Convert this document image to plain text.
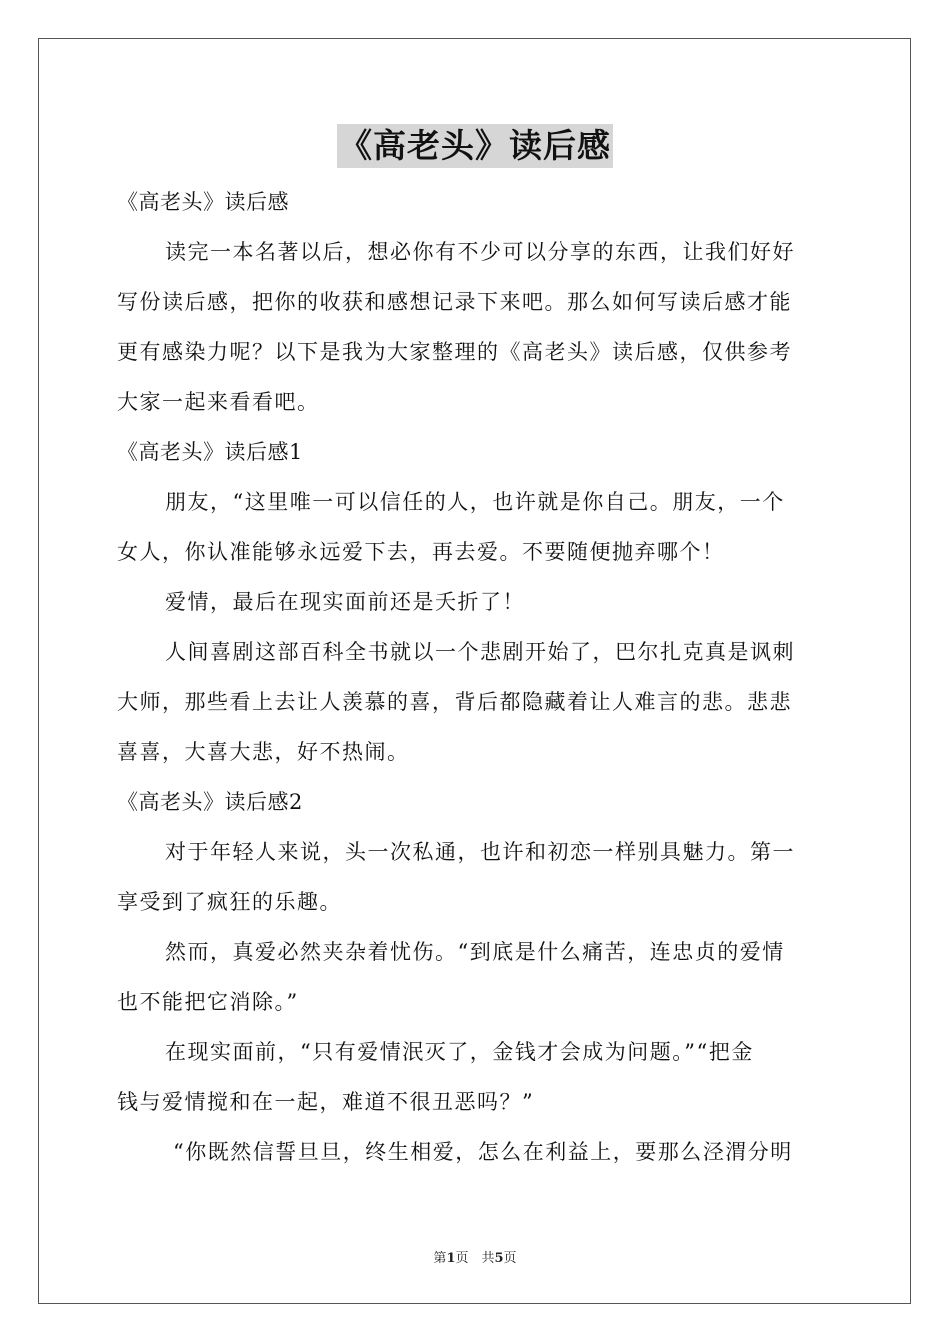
《高老头》读后感
《高老头》读后感
读完一本名著以后，想必你有不少可以分享的东西，让我们好好
写份读后感，把你的收获和感想记录下来吧。那么如何写读后感才能
更有感染力呢？以下是我为大家整理的《高老头》读后感，仅供参考
大家一起来看看吧。
《高老头》读后感1
朋友，“这里唯一可以信任的人，也许就是你自己。朋友，一个
女人，你认准能够永远爱下去，再去爱。不要随便抛弃哪个！
爱情，最后在现实面前还是夭折了！
人间喜剧这部百科全书就以一个悲剧开始了，巴尔扎克真是讽刺
大师，那些看上去让人羡慕的喜，背后都隐藏着让人难言的悲。悲悲
喜喜，大喜大悲，好不热闹。
《高老头》读后感2
对于年轻人来说，头一次私通，也许和初恋一样别具魅力。第一
享受到了疯狂的乐趣。
然而，真爱必然夹杂着忧伤。“到底是什么痛苦，连忠贞的爱情
也不能把它消除。”
在现实面前，“只有爱情泯灭了，金钱才会成为问题。”“把金
钱与爱情搅和在一起，难道不很丑恶吗？”
“你既然信誓旦旦，终生相爱，怎么在利益上，要那么泾渭分明
第1页　共5页
